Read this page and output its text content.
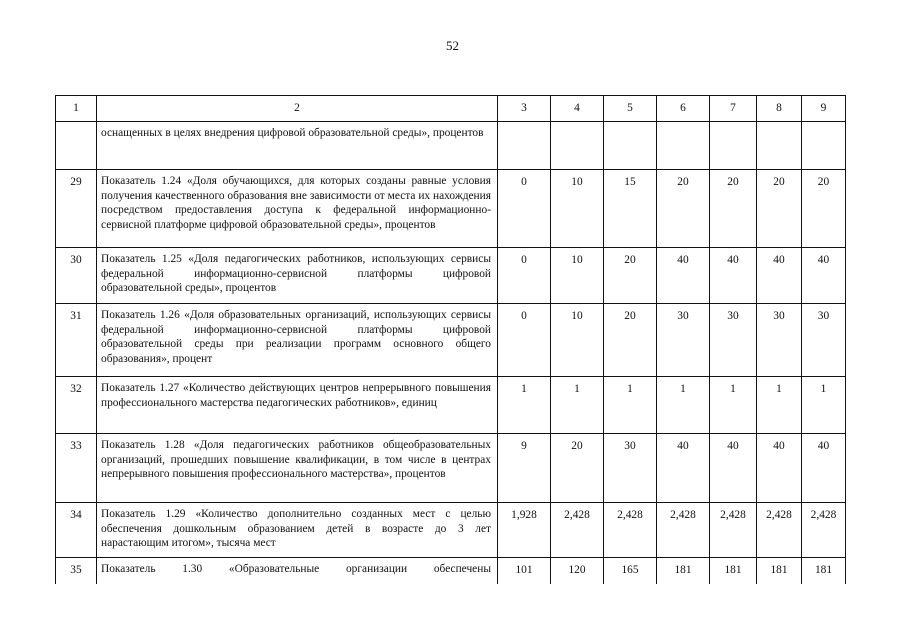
52
1	2	3	4	5	6	7	8	9
	оснащенных в целях внедрения цифровой образовательной среды», процентов							
29	Показатель 1.24 «Доля обучающихся, для которых созданы равные условия получения качественного образования вне зависимости от места их нахождения посредством предоставления доступа к федеральной информационно-сервисной платформе цифровой образовательной среды», процентов	0	10	15	20	20	20	20
30	Показатель 1.25 «Доля педагогических работников, использующих сервисы федеральной информационно-сервисной платформы цифровой образовательной среды», процентов	0	10	20	40	40	40	40
31	Показатель 1.26 «Доля образовательных организаций, использующих сервисы федеральной информационно-сервисной платформы цифровой образовательной среды при реализации программ основного общего образования», процент	0	10	20	30	30	30	30
32	Показатель 1.27 «Количество действующих центров непрерывного повышения профессионального мастерства педагогических работников», единиц	1	1	1	1	1	1	1
33	Показатель 1.28 «Доля педагогических работников общеобразовательных организаций, прошедших повышение квалификации, в том числе в центрах непрерывного повышения профессионального мастерства», процентов	9	20	30	40	40	40	40
34	Показатель 1.29 «Количество дополнительно созданных мест с целью обеспечения дошкольным образованием детей в возрасте до 3 лет нарастающим итогом», тысяча мест	1,928	2,428	2,428	2,428	2,428	2,428	2,428
35	Показатель 1.30 «Образовательные организации обеспечены	101	120	165	181	181	181	181
